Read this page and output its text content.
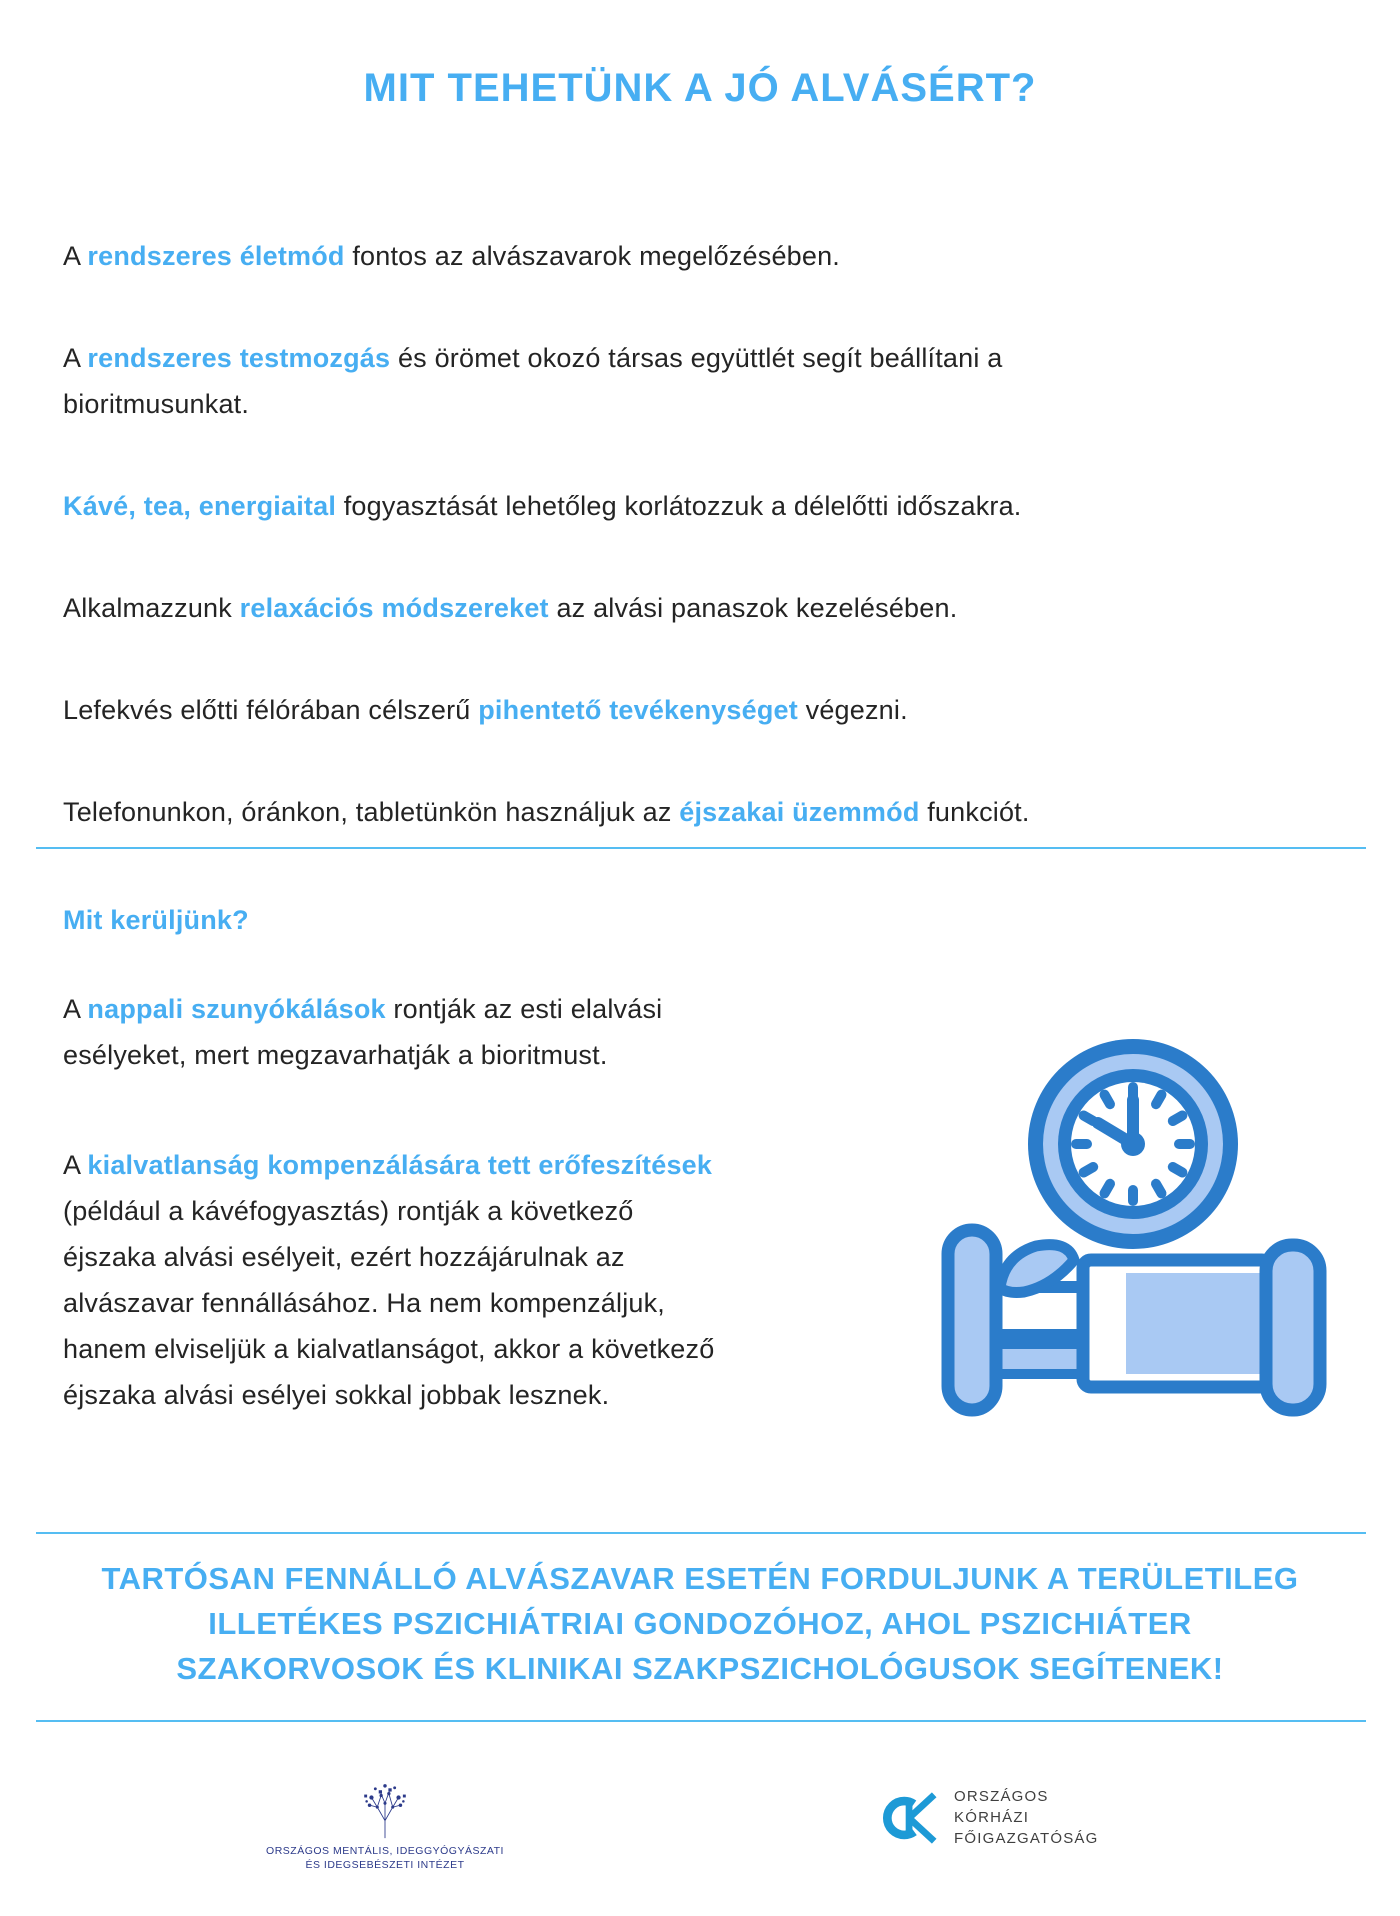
MIT TEHETÜNK A JÓ ALVÁSÉRT?

A rendszeres életmód fontos az alvászavarok megelőzésében.

A rendszeres testmozgás és örömet okozó társas együttlét segít beállítani a bioritmusunkat.

Kávé, tea, energiaital fogyasztását lehetőleg korlátozzuk a délelőtti időszakra.

Alkalmazzunk relaxációs módszereket az alvási panaszok kezelésében.

Lefekvés előtti félórában célszerű pihentető tevékenységet végezni.

Telefonunkon, óránkon, tabletünkön használjuk az éjszakai üzemmód funkciót.

Mit kerüljünk?

A nappali szunyókálások rontják az esti elalvási esélyeket, mert megzavarhatják a bioritmust.

A kialvatlanság kompenzálására tett erőfeszítések (például a kávéfogyasztás) rontják a következő éjszaka alvási esélyeit, ezért hozzájárulnak az alvászavar fennállásához. Ha nem kompenzáljuk, hanem elviseljük a kialvatlanságot, akkor a következő éjszaka alvási esélyei sokkal jobbak lesznek.

TARTÓSAN FENNÁLLÓ ALVÁSZAVAR ESETÉN FORDULJUNK A TERÜLETILEG
ILLETÉKES PSZICHIÁTRIAI GONDOZÓHOZ, AHOL PSZICHIÁTER
SZAKORVOSOK ÉS KLINIKAI SZAKPSZICHOLÓGUSOK SEGÍTENEK!
ORSZÁGOS MENTÁLIS, IDEGGYÓGYÁSZATI
ÉS IDEGSEBÉSZETI INTÉZET
ORSZÁGOS
KÓRHÁZI
FŐIGAZGATÓSÁG
